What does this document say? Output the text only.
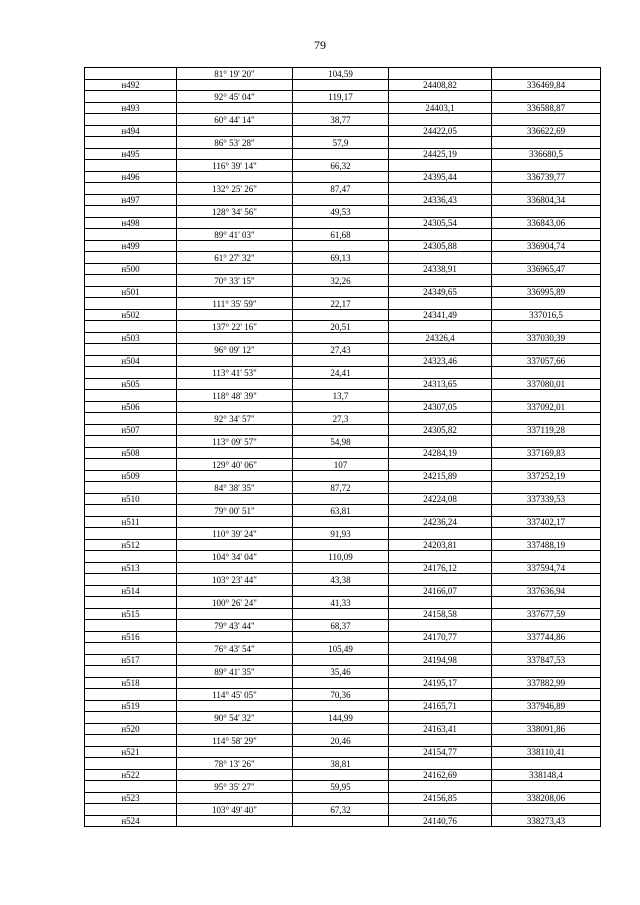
79
	81° 19' 20"	104,59		
н492			24408,82	336469,84
	92° 45' 04"	119,17		
н493			24403,1	336588,87
	60° 44' 14"	38,77		
н494			24422,05	336622,69
	86° 53' 28"	57,9		
н495			24425,19	336680,5
	116° 39' 14"	66,32		
н496			24395,44	336739,77
	132° 25' 26"	87,47		
н497			24336,43	336804,34
	128° 34' 56"	49,53		
н498			24305,54	336843,06
	89° 41' 03"	61,68		
н499			24305,88	336904,74
	61° 27' 32"	69,13		
н500			24338,91	336965,47
	70° 33' 15"	32,26		
н501			24349,65	336995,89
	111° 35' 59"	22,17		
н502			24341,49	337016,5
	137° 22' 16"	20,51		
н503			24326,4	337030,39
	96° 09' 12"	27,43		
н504			24323,46	337057,66
	113° 41' 53"	24,41		
н505			24313,65	337080,01
	118° 48' 39"	13,7		
н506			24307,05	337092,01
	92° 34' 57"	27,3		
н507			24305,82	337119,28
	113° 09' 57"	54,98		
н508			24284,19	337169,83
	129° 40' 06"	107		
н509			24215,89	337252,19
	84° 38' 35"	87,72		
н510			24224,08	337339,53
	79° 00' 51"	63,81		
н511			24236,24	337402,17
	110° 39' 24"	91,93		
н512			24203,81	337488,19
	104° 34' 04"	110,09		
н513			24176,12	337594,74
	103° 23' 44"	43,38		
н514			24166,07	337636,94
	100° 26' 24"	41,33		
н515			24158,58	337677,59
	79° 43' 44"	68,37		
н516			24170,77	337744,86
	76° 43' 54"	105,49		
н517			24194,98	337847,53
	89° 41' 35"	35,46		
н518			24195,17	337882,99
	114° 45' 05"	70,36		
н519			24165,71	337946,89
	90° 54' 32"	144,99		
н520			24163,41	338091,86
	114° 58' 29"	20,46		
н521			24154,77	338110,41
	78° 13' 26"	38,81		
н522			24162,69	338148,4
	95° 35' 27"	59,95		
н523			24156,85	338208,06
	103° 49' 40"	67,32		
н524			24140,76	338273,43
